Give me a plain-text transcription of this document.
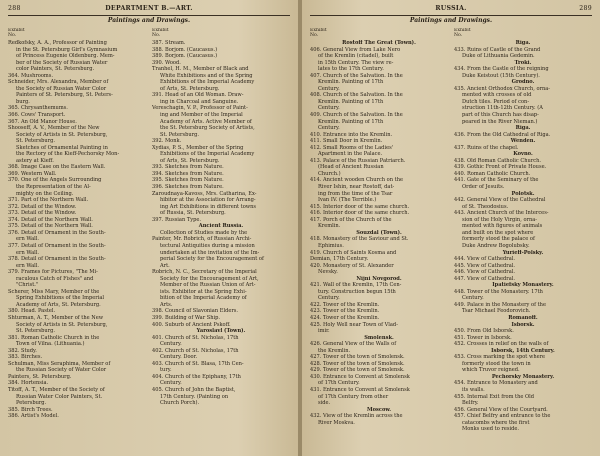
288	DEPARTMENT B.—ART.
Paintings and Drawings.
Exhibit
No.
Redkofsky, A. A., Professor of Painting
in the St. Petersburg Girl's Gymnasium
of Princess Eugenie Oldenburg. Mem-
ber of the Society of Russian Water
color Painters, St. Petersburg.
364. Mushrooms.
Schneider, Mrs. Alexandra, Member of
the Society of Russian Water Color
Painters of St. Petersburg, St. Peters-
burg.
365. Chrysanthemums.
366. Cows' Transport.
367. An Old Manor House.
Shooseff, A. V., Member of the New
Society of Artists in St. Petersburg,
St. Petersburg.
Sketches of Ornamental Painting in
the Rectory of the Kieff-Pechorsky Mon-
astery at Kieff.
368. Image Case on the Eastern Wall.
369. Western Wall.
370. One of the Angels Surrounding
the Representation of the Al-
mighty on the Ceiling.
371. Part of the Northern Wall.
372. Detail of the Window.
373. Detail of the Window.
374. Detail of the Northern Wall.
375. Detail of the Northern Wall.
376. Detail of Ornament in the South-
ern Wall.
377. Detail of Ornament in the South-
ern Wall.
378. Detail of Ornament in the South-
ern Wall.
379. Frames for Pictures, "The Mi-
raculous Catch of Fishes" and
"Christ."
Scherer, Miss Mary, Member of the
Spring Exhibitions of the Imperial
Academy of Arts, St. Petersburg.
380. Head. Pastel.
Shturman, A. T., Member of the New
Society of Artists in St. Petersburg,
St. Petersburg.
381. Roman Catholic Church in the
Town of Vilna. (Lithuania.)
382. Study.
383. Birches.
Schulman, Miss Seraphima, Member of
the Russian Society of Water Color
Painters, St. Petersburg.
384. Hortensia.
Titoff, A. T., Member of the Society of
Russian Water Color Painters, St.
Petersburg.
385. Birch Trees.
386. Artist's Model.
Exhibit
No.
387. Stream.
388. Borjom. (Caucasus.)
389. Borjom. (Caucasus.)
390. Wood.
Tranhel, H. M., Member of Black and
White Exhibitions and of the Spring
Exhibitions of the Imperial Academy
of Arts, St. Petersburg.
391. Head of an Old Woman. Draw-
ing in Charcoal and Sanguine.
Vereschagin, V. P., Professor of Paint-
ing and Member of the Imperial
Academy of Arts. Active Member of
the St. Petersburg Society of Artists,
St. Petersburg.
392. Monk.
Xydias, P. S., Member of the Spring
Exhibitions of the Imperial Academy
of Arts, St. Petersburg.
393. Sketches from Nature.
394. Sketches from Nature.
395. Sketches from Nature.
396. Sketches from Nature.
Zaroudnaya-Kavoss, Mrs. Catharina, Ex-
hibitor at the Association for Arrang-
ing Art Exhibitions in different towns
of Russia, St. Petersburg.
397. Russian Type.
Ancient Russia.
Collection of Studies made by the
Painter, Mr. Robrich, of Russian Archi-
tectural Antiquities during a mission
undertaken at the invitation of the Im-
perial Society for the Encouragement of
Art.
Robrich, N. C., Secretary of the Imperial
Society for the Encouragement of Art,
Member of the Russian Union of Art-
ists. Exhibitor at the Spring Exhi-
bition of the Imperial Academy of
Arts.
398. Council of Slavonian Elders.
399. Building of War Ship.
400. Suburb of Ancient Pskoff.
Yaroslavl (Town).
401. Church of St. Nicholas, 17th
Century.
402. Church of St. Nicholas, 17th
Century. Door.
403. Church of St. Blasa, 17th Cen-
tury.
404. Church of the Epiphany, 17th
Century.
405. Church of John the Baptist,
17th Century. (Painting on
Church Porch).
RUSSIA.	289
Paintings and Drawings.
Exhibit
No.
Rostoff The Great (Town).
406. General View from Lake Nero
of the Kremlin (citadel), built
in 15th Century. The view re-
lates to the 17th Century.
407. Church of the Salvation. In the
Kremlin. Painting of 17th
Century.
408. Church of the Salvation. In the
Kremlin. Painting of 17th
Century.
409. Church of the Salvation. In the
Kremlin. Painting of 17th
Century.
410. Entrance into the Kremlin.
411. Small Door in Kremlin.
412. Small Rooms of the Ladies'
Apartment in the Palace.
413. Palace of the Russian Patriarch.
(Head of Ancient Russian
Church.)
414. Ancient wooden Church on the
River Ishin, near Rostoff, dat-
ing from the time of the Tsar
Ivan IV. (The Terrible.)
415. Interior door of the same church.
416. Interior door of the same church.
417. Porch of the Church of the
Kremlin.
Souzdal (Town).
418. Monastery of the Saviour and St.
Ephimius.
419. Church of Saints Kosma and
Demian, 17th Century.
420. Monastery of St. Alexander
Nevsky.
Nijni Novgorod.
421. Wall of the Kremlin, 17th Cen-
tury. Construction begun 15th
Century.
422. Tower of the Kremlin.
423. Tower of the Kremlin.
424. Tower of the Kremlin.
425. Holy Well near Town of Vlad-
imir.
Smolensk.
426. General View of the Walls of
the Kremlin.
427. Tower of the town of Smolensk.
428. Tower of the town of Smolensk.
429. Tower of the town of Smolensk.
430. Entrance to Convent at Smolensk
of 17th Century.
431. Entrance to Convent at Smolensk
of 17th Century from other
side.
Moscow.
432. View of the Kremlin across the
River Moskva.
Exhibit
No.
Riga.
433. Ruins of Castle of the Grand
Duke of Lithuania Gedemin.
Troki.
434. From the Castle of the reigning
Duke Keistout (15th Century).
Grodno.
435. Ancient Orthodox Church, orna-
mented with crosses of old
Dutch tiles. Period of con-
struction 11th-12th Century. (A
part of this Church has disap-
peared in the River Nieman.)
Riga.
436. From the Old Cathedral of Riga.
Wenden.
437. Ruins of the chapel.
Kovno.
438. Old Roman Catholic Church.
439. Gothic Front of Private House.
440. Roman Catholic Church.
441. Gate of the Seminary of the
Order of Jesuits.
Polotsk.
442. General View of the Cathedral
of St. Theodosius.
443. Ancient Church of the Interces-
sion of the Holy Virgin, orna-
mented with figures of animals
and built on the spot where
formerly stood the palace of
Duke Andrew Bogolubsky.
Yurieff-Polsky.
444. View of Cathedral.
445. View of Cathedral.
446. View of Cathedral.
447. View of Cathedral.
Ipatiefsky Monastery.
448. Tower of the Monastery. 17th
Century.
449. Palace in the Monastery of the
Tsar Michael Feodorovich.
Romanoff.
Isborsk.
450. From Old Isborsk.
451. Tower in Isborsk.
452. Crosses in relief on the walls of
Isborsk, 14th Century.
453. Cross marking the spot where
formerly stood the town in
which Truvor reigned.
Pechorsky Monastery.
454. Entrance to Monastery and
its walls.
455. Internal Exit from the Old
Belfry.
456. General View of the Courtyard.
457. Chief Belfry and entrance to the
catacombs where the first
Monks used to reside.
